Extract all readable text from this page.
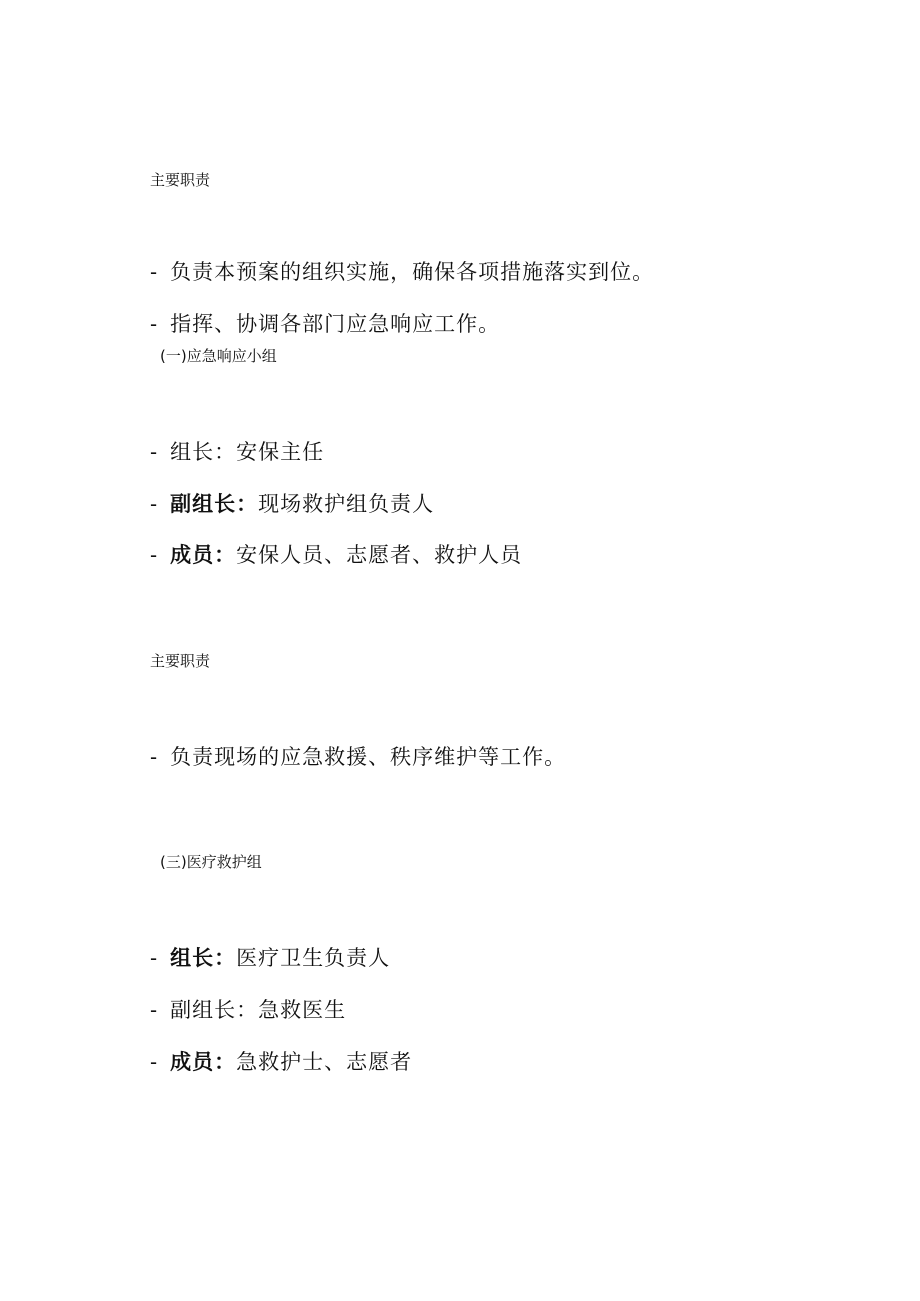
主要职责
- 负责本预案的组织实施，确保各项措施落实到位。
- 指挥、协调各部门应急响应工作。
(一)应急响应小组
- 组长：安保主任
- 副组长：现场救护组负责人
- 成员：安保人员、志愿者、救护人员
主要职责
- 负责现场的应急救援、秩序维护等工作。
(三)医疗救护组
- 组长：医疗卫生负责人
- 副组长：急救医生
- 成员：急救护士、志愿者
